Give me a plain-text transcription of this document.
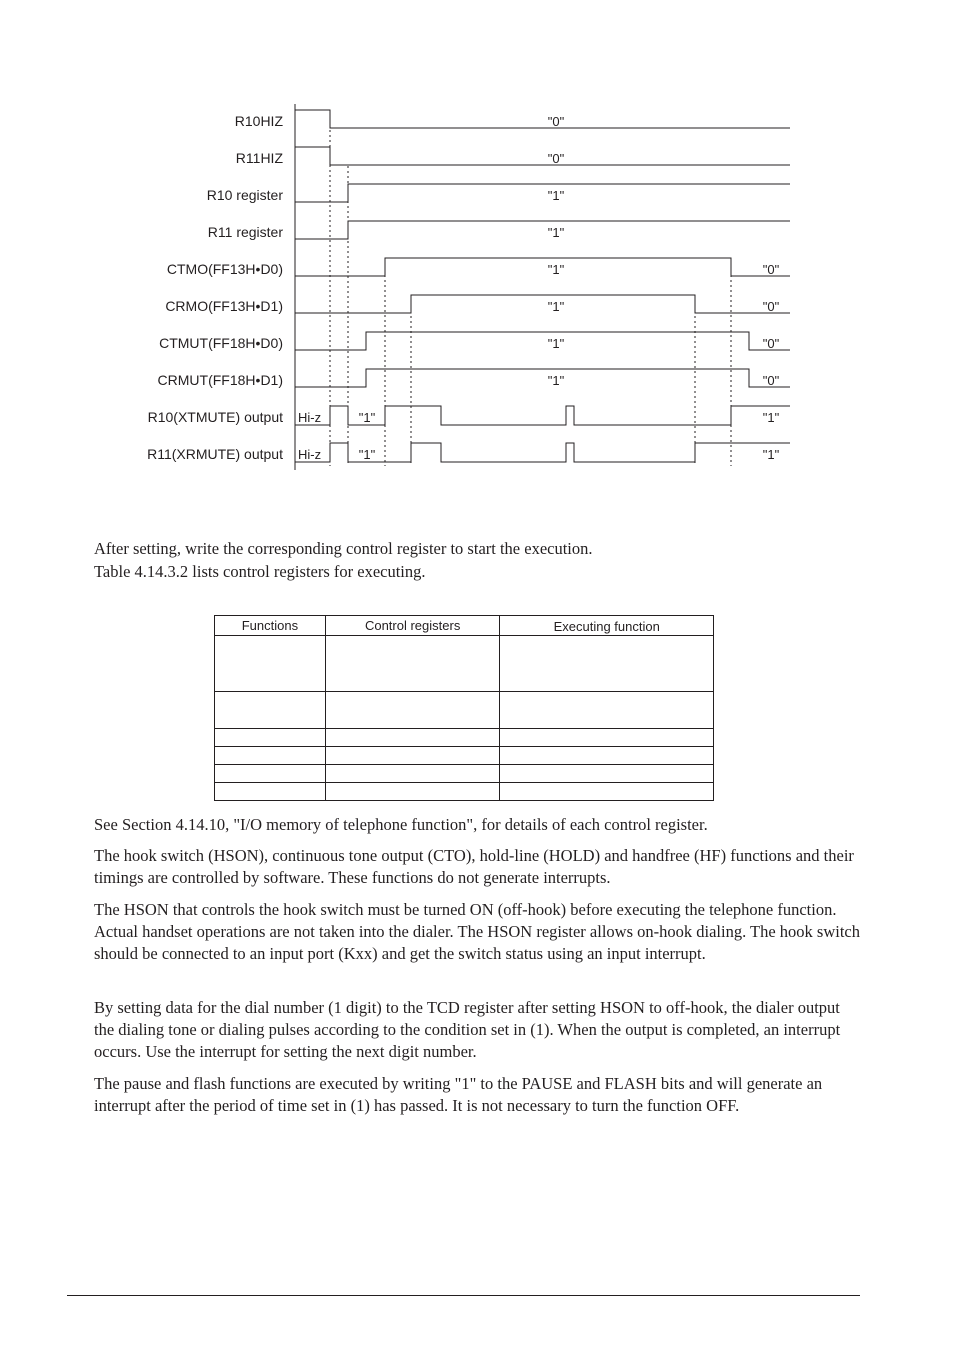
R10HIZ
R11HIZ
R10 register
R11 register
CTMO(FF13H•D0)
CRMO(FF13H•D1)
CTMUT(FF18H•D0)
CRMUT(FF18H•D1)
R10(XTMUTE) output
R11(XRMUTE) output
"0"
"0"
"1"
"1"
"1"	"0"
"1"	"0"
"1"	"0"
"1"	"0"
Hi-z	"1"	"1"
Hi-z	"1"	"1"

After setting, write the corresponding control register to start the execution.

Table 4.14.3.2 lists control registers for executing.

Functions	Control registers	Executing function

See Section 4.14.10, "I/O memory of telephone function", for details of each control register.

The hook switch (HSON), continuous tone output (CTO), hold-line (HOLD) and handfree (HF) functions and their timings are controlled by software. These functions do not generate interrupts.

The HSON that controls the hook switch must be turned ON (off-hook) before executing the telephone function. Actual handset operations are not taken into the dialer. The HSON register allows on-hook dialing. The hook switch should be connected to an input port (Kxx) and get the switch status using an input interrupt.

By setting data for the dial number (1 digit) to the TCD register after setting HSON to off-hook, the dialer output the dialing tone or dialing pulses according to the condition set in (1). When the output is completed, an interrupt occurs. Use the interrupt for setting the next digit number.

The pause and flash functions are executed by writing "1" to the PAUSE and FLASH bits and will generate an interrupt after the period of time set in (1) has passed. It is not necessary to turn the function OFF.
